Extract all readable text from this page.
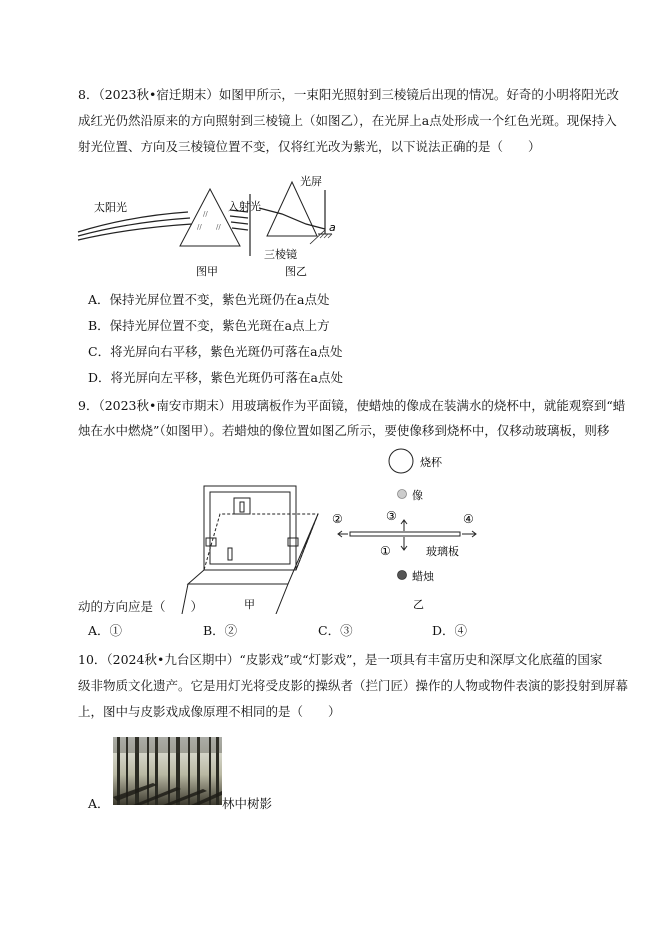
8．（2023秋•宿迁期末）如图甲所示，一束阳光照射到三棱镜后出现的情况。好奇的小明将阳光改
成红光仍然沿原来的方向照射到三棱镜上（如图乙），在光屏上a点处形成一个红色光斑。现保持入
射光位置、方向及三棱镜位置不变，仅将红光改为紫光，以下说法正确的是（　　）
//
// //
太阳光
图甲
光屏
入射光
a
三棱镜
图乙
A．保持光屏位置不变，紫色光斑仍在a点处
B．保持光屏位置不变，紫色光斑在a点上方
C．将光屏向右平移，紫色光斑仍可落在a点处
D．将光屏向左平移，紫色光斑仍可落在a点处
9．（2023秋•南安市期末）用玻璃板作为平面镜，使蜡烛的像成在装满水的烧杯中，就能观察到“蜡
烛在水中燃烧”（如图甲）。若蜡烛的像位置如图乙所示，要使像移到烧杯中，仅移动玻璃板，则移
甲
烧杯
像
②	③	④
①	玻璃板
蜡烛
乙
动的方向应是（　　）
A．①	B．②	C．③	D．④
10．（2024秋•九台区期中）“皮影戏”或“灯影戏”，是一项具有丰富历史和深厚文化底蕴的国家
级非物质文化遗产。它是用灯光将受皮影的操纵者（拦门匠）操作的人物或物件表演的影投射到屏幕
上，图中与皮影戏成像原理不相同的是（　　）
A．	林中树影
